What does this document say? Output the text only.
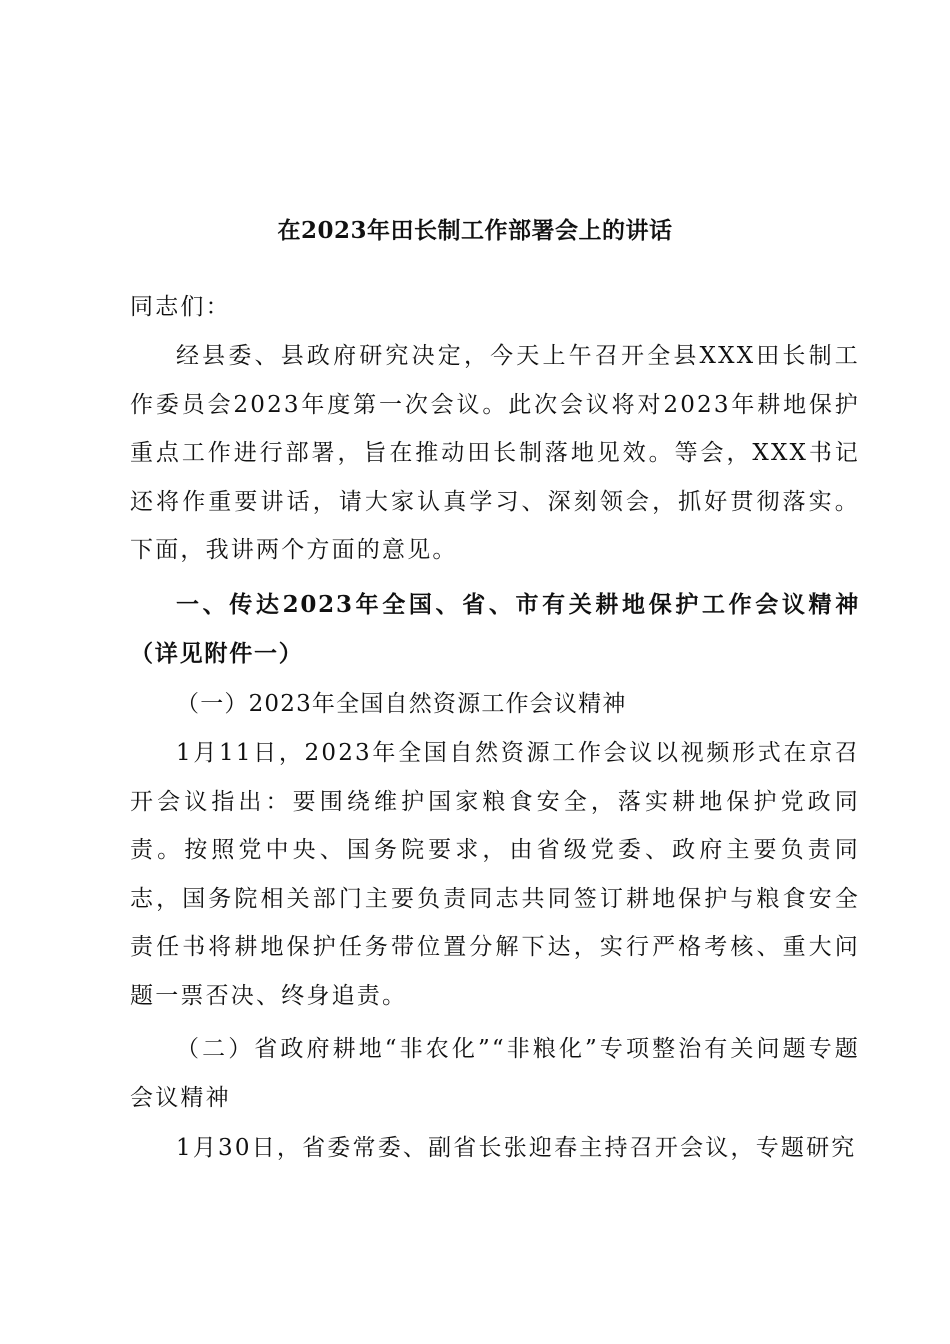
在2023年田长制工作部署会上的讲话
同志们：
经县委、县政府研究决定，今天上午召开全县XXX田长制工作委员会2023年度第一次会议。此次会议将对2023年耕地保护重点工作进行部署，旨在推动田长制落地见效。等会，XXX书记还将作重要讲话，请大家认真学习、深刻领会，抓好贯彻落实。下面，我讲两个方面的意见。
一、传达2023年全国、省、市有关耕地保护工作会议精神（详见附件一）
（一）2023年全国自然资源工作会议精神
1月11日，2023年全国自然资源工作会议以视频形式在京召开会议指出：要围绕维护国家粮食安全，落实耕地保护党政同责。按照党中央、国务院要求，由省级党委、政府主要负责同志，国务院相关部门主要负责同志共同签订耕地保护与粮食安全责任书将耕地保护任务带位置分解下达，实行严格考核、重大问题一票否决、终身追责。
（二）省政府耕地“非农化”“非粮化”专项整治有关问题专题会议精神
1月30日，省委常委、副省长张迎春主持召开会议，专题研究
